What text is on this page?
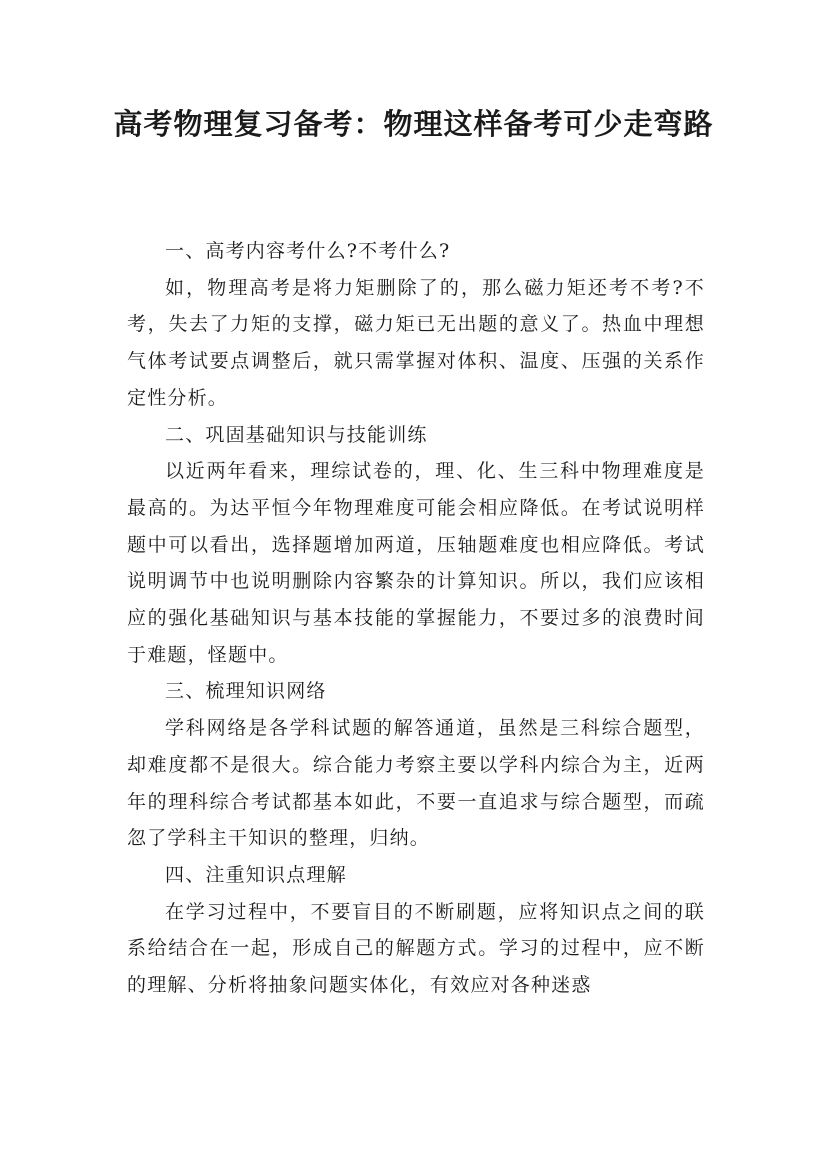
高考物理复习备考：物理这样备考可少走弯路

一、高考内容考什么?不考什么?

如，物理高考是将力矩删除了的，那么磁力矩还考不考?不考，失去了力矩的支撑，磁力矩已无出题的意义了。热血中理想气体考试要点调整后，就只需掌握对体积、温度、压强的关系作定性分析。

二、巩固基础知识与技能训练

以近两年看来，理综试卷的，理、化、生三科中物理难度是最高的。为达平恒今年物理难度可能会相应降低。在考试说明样题中可以看出，选择题增加两道，压轴题难度也相应降低。考试说明调节中也说明删除内容繁杂的计算知识。所以，我们应该相应的强化基础知识与基本技能的掌握能力，不要过多的浪费时间于难题，怪题中。

三、梳理知识网络

学科网络是各学科试题的解答通道，虽然是三科综合题型，却难度都不是很大。综合能力考察主要以学科内综合为主，近两年的理科综合考试都基本如此，不要一直追求与综合题型，而疏忽了学科主干知识的整理，归纳。

四、注重知识点理解

在学习过程中，不要盲目的不断刷题，应将知识点之间的联系给结合在一起，形成自己的解题方式。学习的过程中，应不断的理解、分析将抽象问题实体化，有效应对各种迷惑
